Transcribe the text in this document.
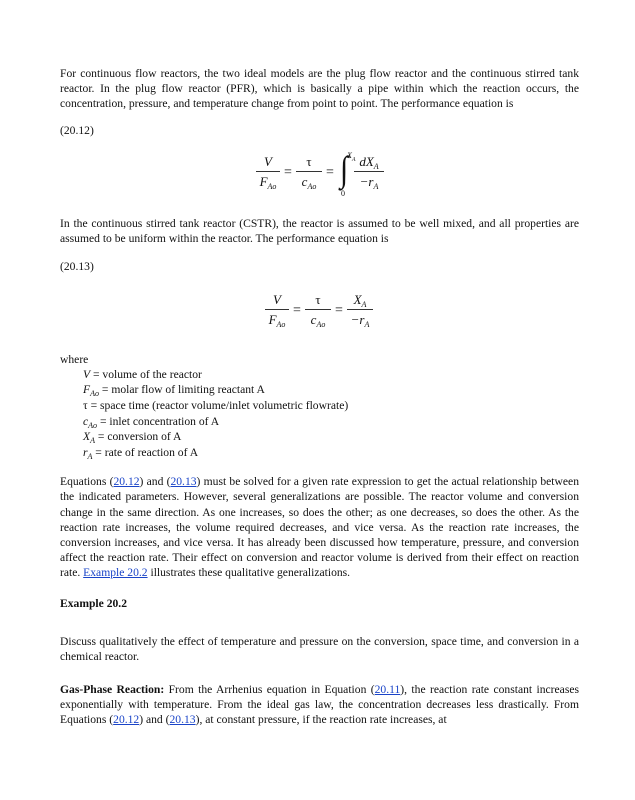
For continuous flow reactors, the two ideal models are the plug flow reactor and the continuous stirred tank reactor. In the plug flow reactor (PFR), which is basically a pipe within which the reaction occurs, the concentration, pressure, and temperature change from point to point. The performance equation is

(20.12)
V
$F_{Ao}$
=
τ
$c_{Ao}$
= ∫
0
$X_A$ $dX_A$
$-r_A$

In the continuous stirred tank reactor (CSTR), the reactor is assumed to be well mixed, and all properties are assumed to be uniform within the reactor. The performance equation is

(20.13)
V
$F_{Ao}$
=
τ
$c_{Ao}$
=
$X_A$
$-r_A$
where
V = volume of the reactor
$F_{Ao}$ = molar flow of limiting reactant A
τ = space time (reactor volume/inlet volumetric flowrate)
$c_{Ao}$ = inlet concentration of A
$X_A$ = conversion of A
$r_A$ = rate of reaction of A

Equations (20.12) and (20.13) must be solved for a given rate expression to get the actual relationship between the indicated parameters. However, several generalizations are possible. The reactor volume and conversion change in the same direction. As one increases, so does the other; as one decreases, so does the other. As the reaction rate increases, the volume required decreases, and vice versa. As the reaction rate increases, the conversion increases, and vice versa. It has already been discussed how temperature, pressure, and conversion affect the reaction rate. Their effect on conversion and reactor volume is derived from their effect on reaction rate. Example 20.2 illustrates these qualitative generalizations.

Example 20.2

Discuss qualitatively the effect of temperature and pressure on the conversion, space time, and conversion in a chemical reactor.

Gas-Phase Reaction: From the Arrhenius equation in Equation (20.11), the reaction rate constant increases exponentially with temperature. From the ideal gas law, the concentration decreases less drastically. From Equations (20.12) and (20.13), at constant pressure, if the reaction rate increases, at
